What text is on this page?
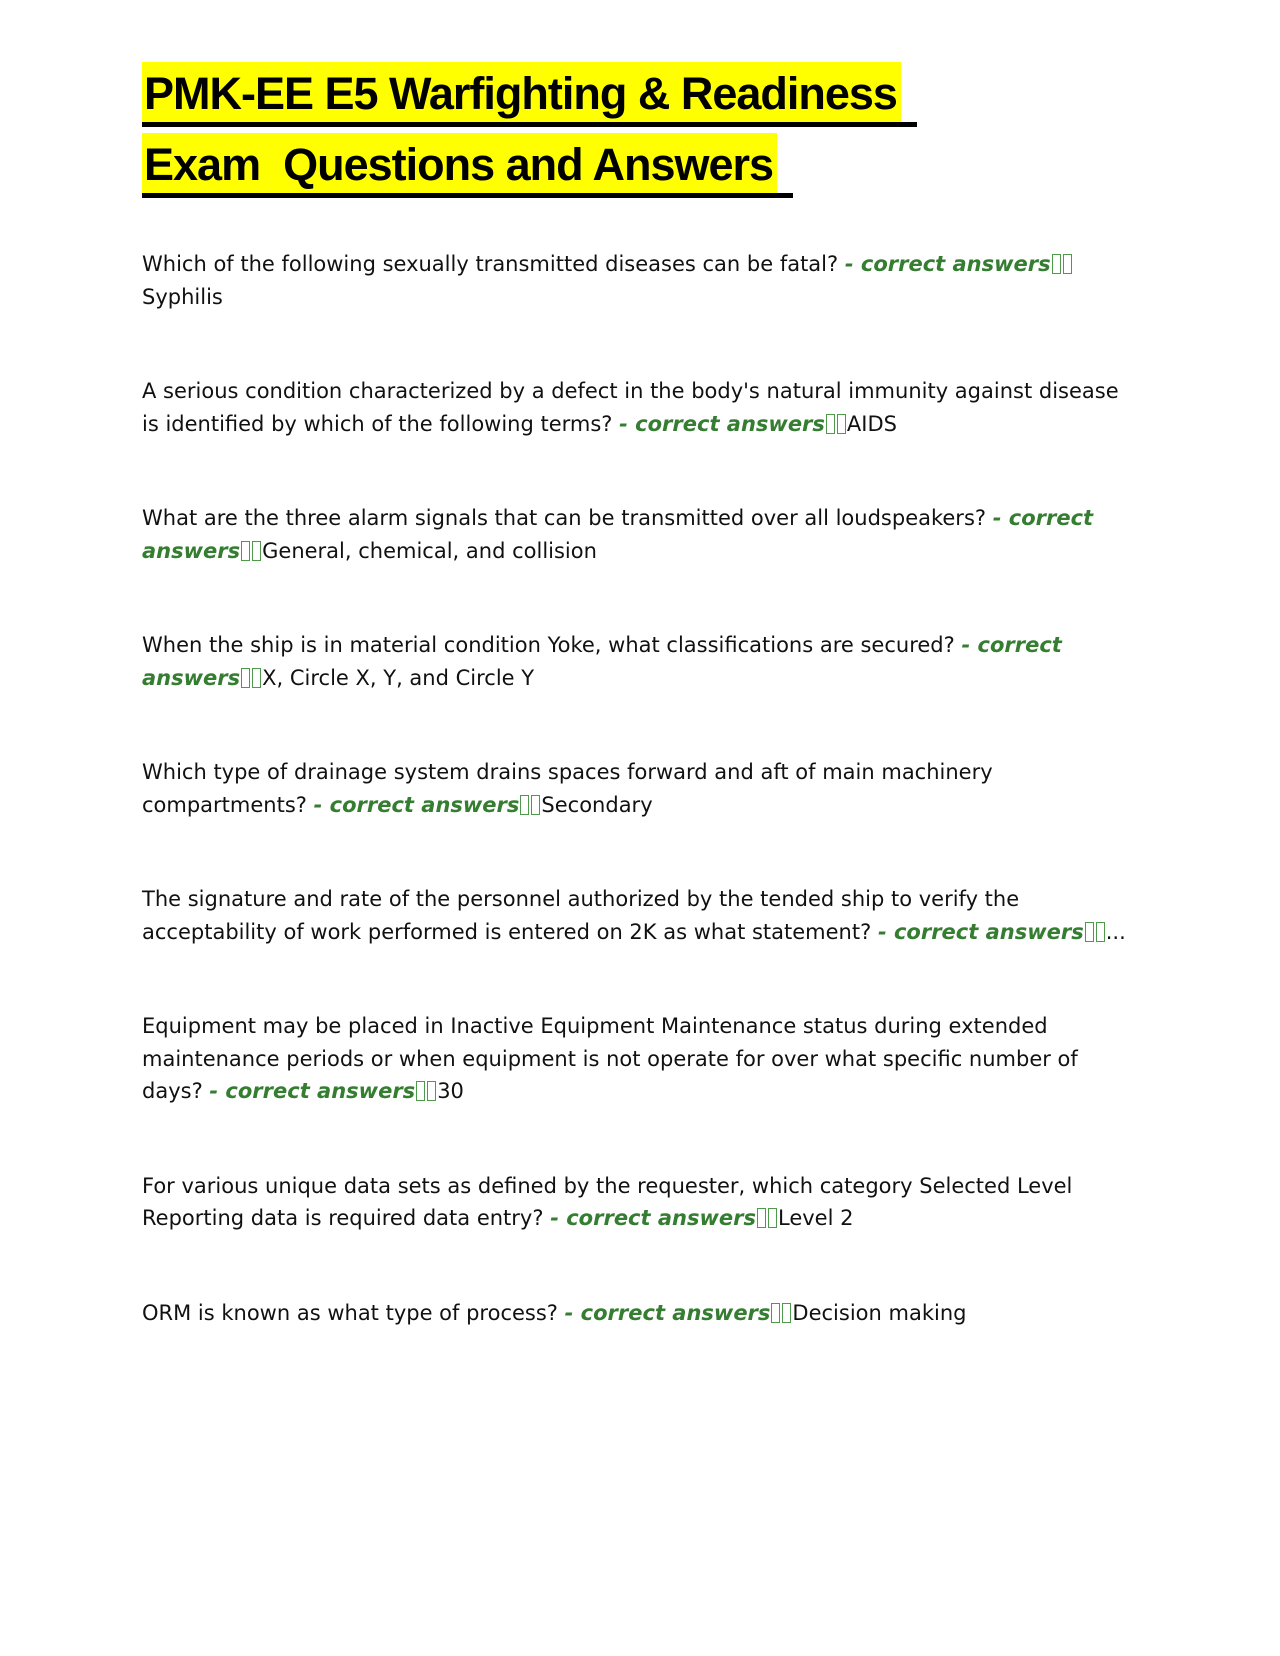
PMK-EE E5 Warfighting & Readiness
Exam  Questions and Answers

Which of the following sexually transmitted diseases can be fatal? - correct answersSyphilis

A serious condition characterized by a defect in the body's natural immunity against disease is identified by which of the following terms? - correct answers AIDS

What are the three alarm signals that can be transmitted over all loudspeakers? - correct answers General, chemical, and collision

When the ship is in material condition Yoke, what classifications are secured? - correct answers X, Circle X, Y, and Circle Y

Which type of drainage system drains spaces forward and aft of main machinery compartments? - correct answers Secondary

The signature and rate of the personnel authorized by the tended ship to verify the acceptability of work performed is entered on 2K as what statement? - correct answers ...

Equipment may be placed in Inactive Equipment Maintenance status during extended maintenance periods or when equipment is not operate for over what specific number of days? - correct answers 30

For various unique data sets as defined by the requester, which category Selected Level Reporting data is required data entry? - correct answers Level 2

ORM is known as what type of process? - correct answers Decision making
